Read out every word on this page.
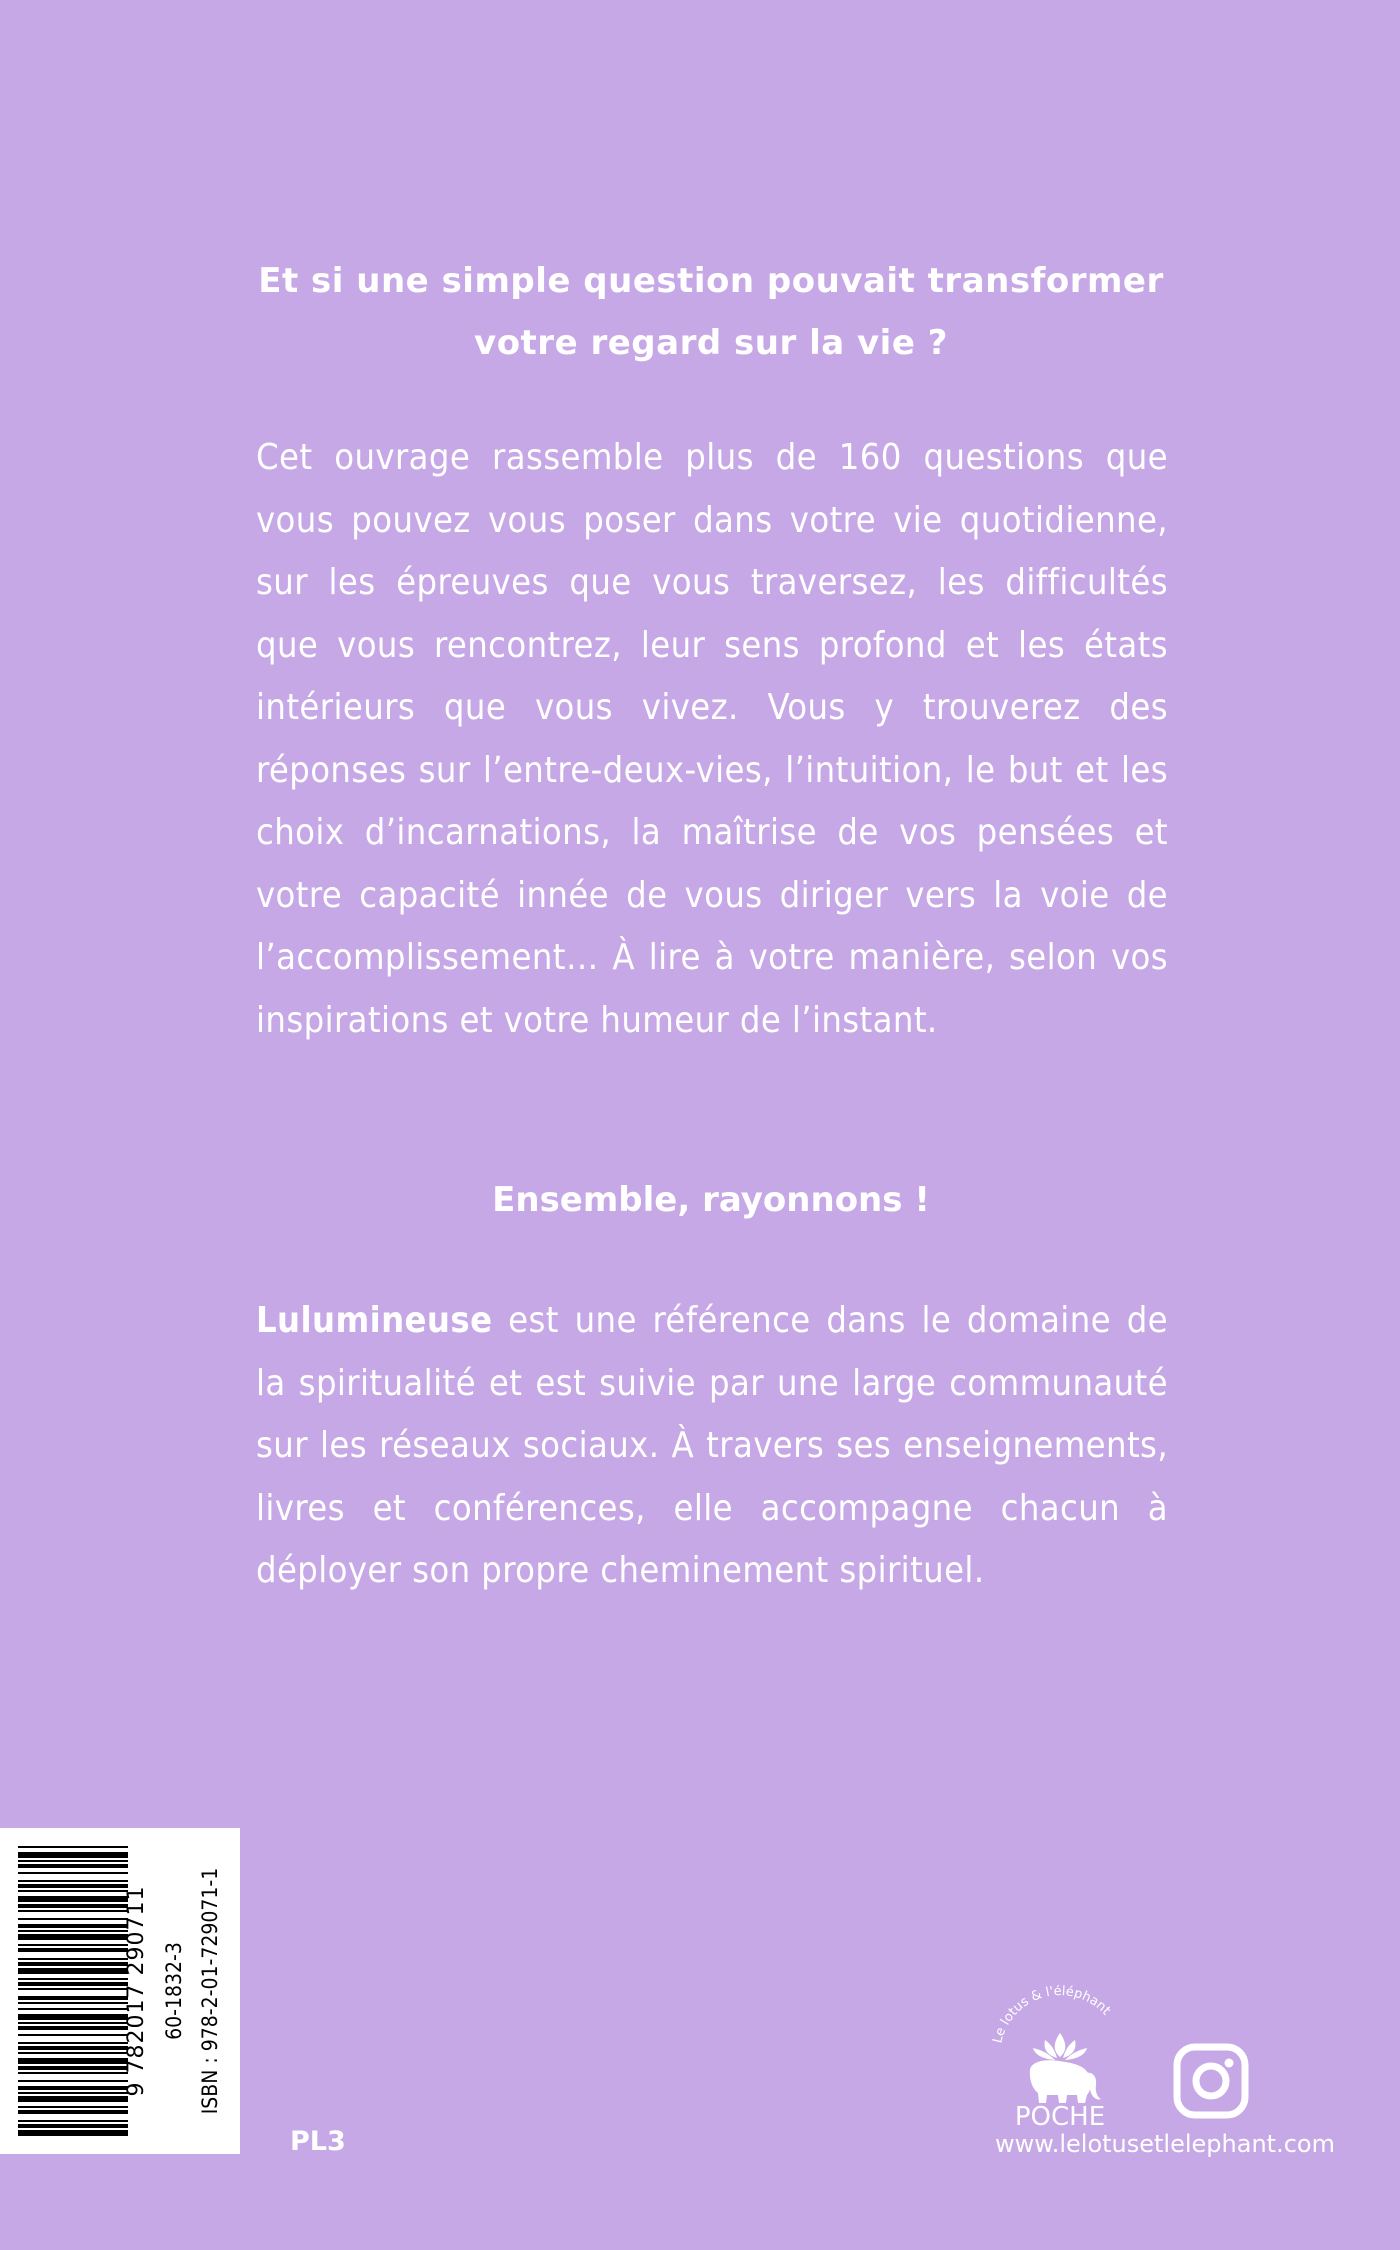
Et si une simple question pouvait transformer
votre regard sur la vie ?
Cet ouvrage rassemble plus de 160 questions que vous pouvez vous poser dans votre vie quotidienne, sur les épreuves que vous traversez, les difficultés que vous rencontrez, leur sens profond et les états intérieurs que vous vivez. Vous y trouverez des réponses sur l’entre-deux-vies, l’intuition, le but et les choix d’incarnations, la maîtrise de vos pensées et votre capacité innée de vous diriger vers la voie de l’accomplissement… À lire à votre manière, selon vos inspirations et votre humeur de l’instant.
Ensemble, rayonnons !
Lulumineuse est une référence dans le domaine de la spiritualité et est suivie par une large communauté sur les réseaux sociaux. À travers ses enseignements, livres et conférences, elle accompagne chacun à déployer son propre cheminement spirituel.
9 782017 290711 60-1832-3 ISBN : 978-2-01-729071-1
PL3
Le lotus & l'éléphant
POCHE
www.lelotusetlelephant.com
